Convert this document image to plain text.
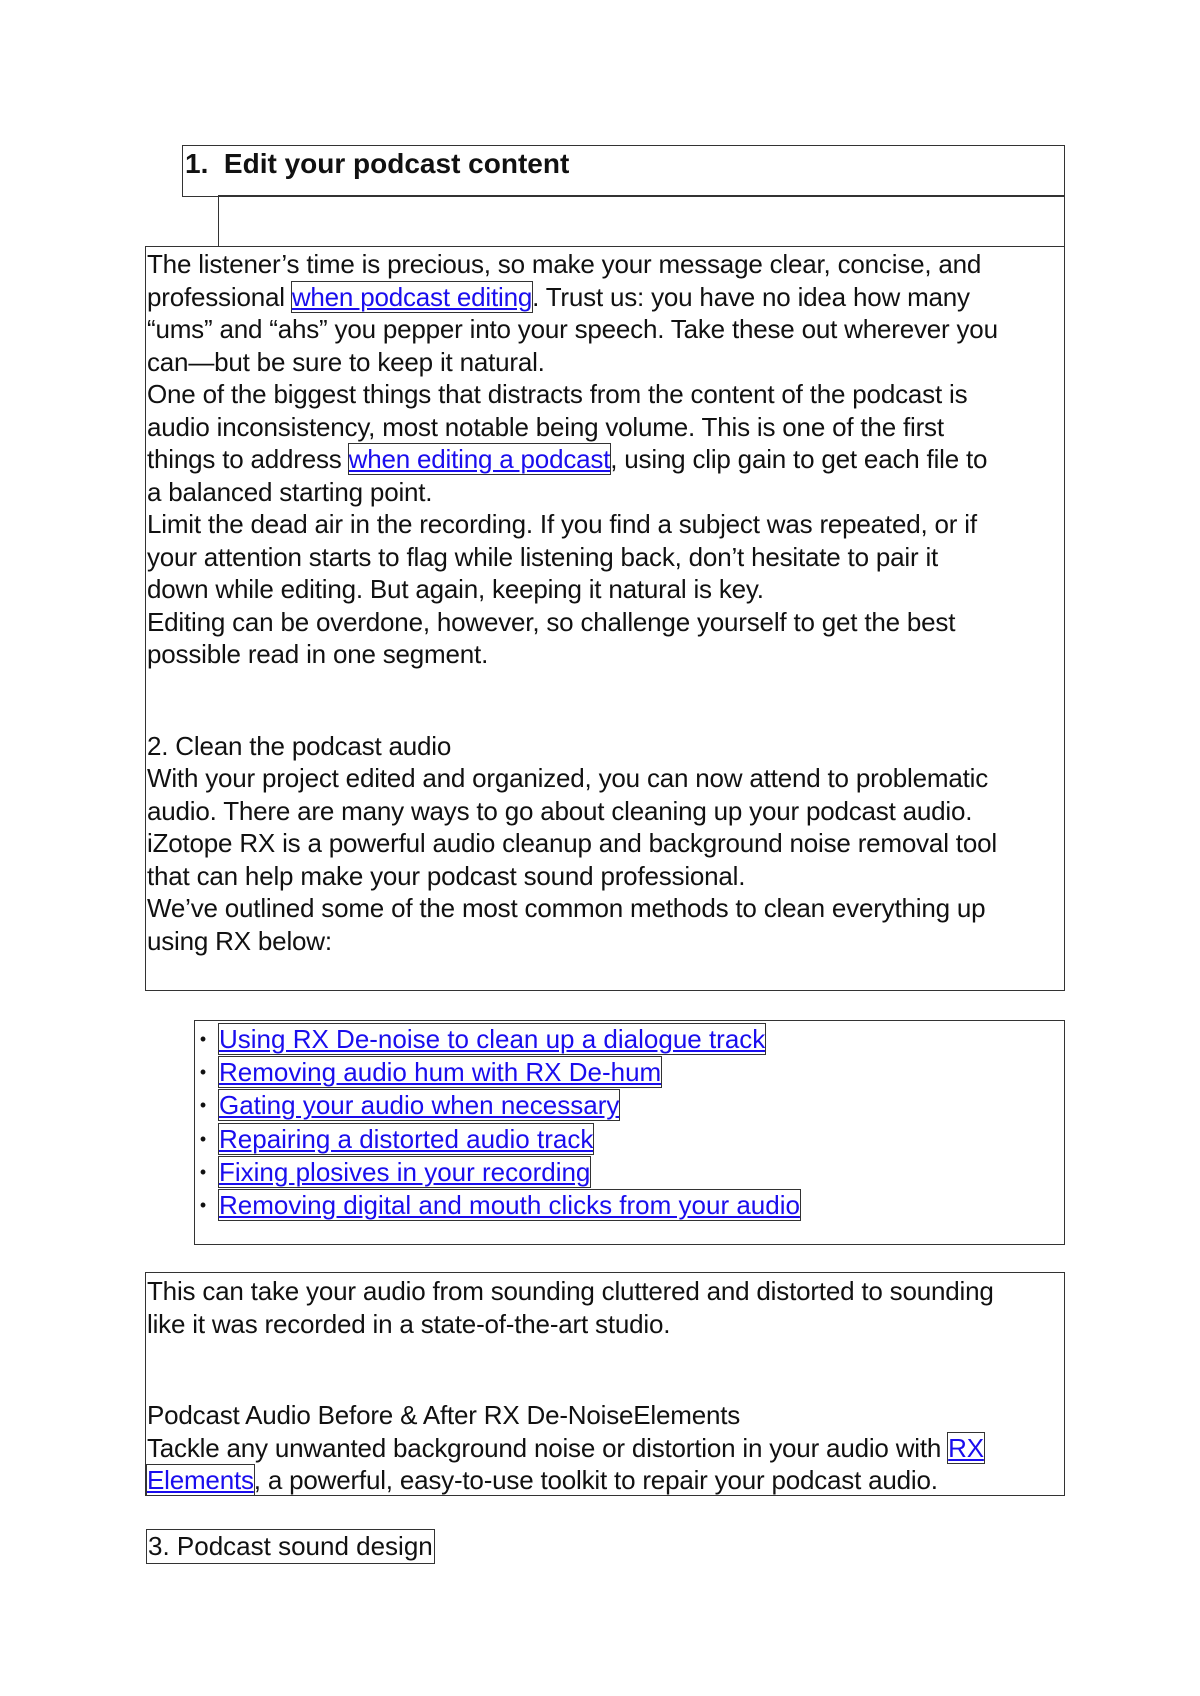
1. Edit your podcast content

The listener’s time is precious, so make your message clear, concise, and

professional when podcast editing. Trust us: you have no idea how many

“ums” and “ahs” you pepper into your speech. Take these out wherever you

can—but be sure to keep it natural.

One of the biggest things that distracts from the content of the podcast is

audio inconsistency, most notable being volume. This is one of the first

things to address when editing a podcast, using clip gain to get each file to

a balanced starting point.

Limit the dead air in the recording. If you find a subject was repeated, or if

your attention starts to flag while listening back, don’t hesitate to pair it

down while editing. But again, keeping it natural is key.

Editing can be overdone, however, so challenge yourself to get the best

possible read in one segment.

2. Clean the podcast audio

With your project edited and organized, you can now attend to problematic

audio. There are many ways to go about cleaning up your podcast audio.

iZotope RX is a powerful audio cleanup and background noise removal tool

that can help make your podcast sound professional.

We’ve outlined some of the most common methods to clean everything up

using RX below:

• Using RX De-noise to clean up a dialogue track
• Removing audio hum with RX De-hum
• Gating your audio when necessary
• Repairing a distorted audio track
• Fixing plosives in your recording
• Removing digital and mouth clicks from your audio

This can take your audio from sounding cluttered and distorted to sounding

like it was recorded in a state-of-the-art studio.

Podcast Audio Before & After RX De-NoiseElements

Tackle any unwanted background noise or distortion in your audio with RX

Elements, a powerful, easy-to-use toolkit to repair your podcast audio.

3. Podcast sound design
